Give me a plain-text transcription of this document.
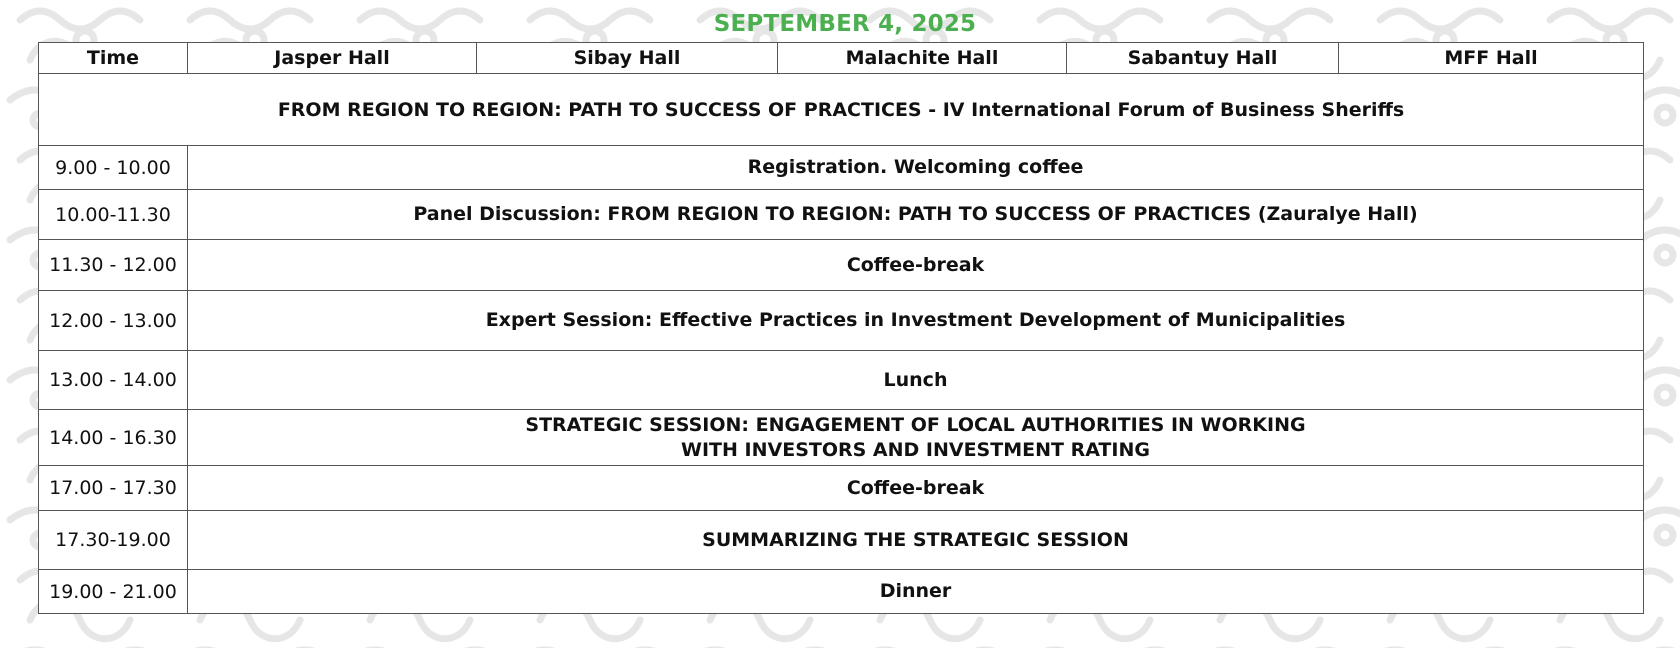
SEPTEMBER 4, 2025
Time	Jasper Hall	Sibay Hall	Malachite Hall	Sabantuy Hall	MFF Hall
FROM REGION TO REGION: PATH TO SUCCESS OF PRACTICES - IV International Forum of Business Sheriffs					
9.00 - 10.00	Registration. Welcoming coffee				

10.00-11.30	Panel Discussion: FROM REGION TO REGION: PATH TO SUCCESS OF PRACTICES (Zauralye Hall)				

11.30 - 12.00	Coffee-break				

12.00 - 13.00	Expert Session: Effective Practices in Investment Development of Municipalities				

13.00 - 14.00	Lunch				

14.00 - 16.30	STRATEGIC SESSION: ENGAGEMENT OF LOCAL AUTHORITIES IN WORKING
WITH INVESTORS AND INVESTMENT RATING				

17.00 - 17.30	Coffee-break				

17.30-19.00	SUMMARIZING THE STRATEGIC SESSION				

19.00 - 21.00	Dinner				
